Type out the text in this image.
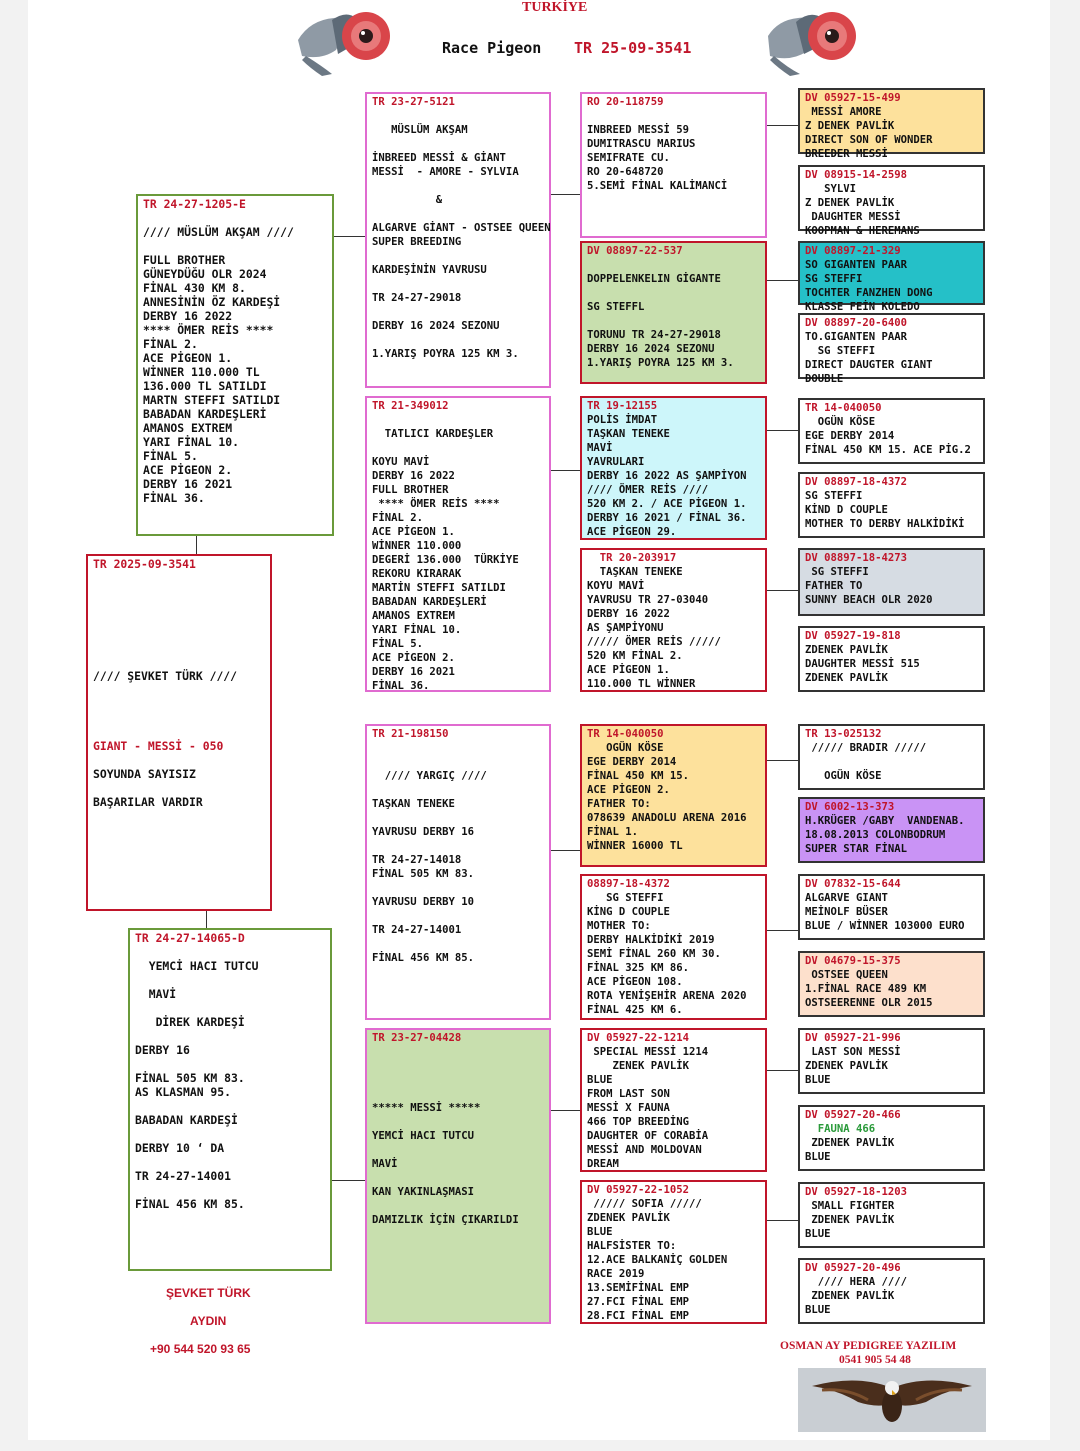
TURKİYE
Race Pigeon TR 25-09-3541
TR 24-27-1205-E

//// MÜSLÜM AKŞAM ////

FULL BROTHER
GÜNEYDÜĞU OLR 2024
FİNAL 430 KM 8.
ANNESİNİN ÖZ KARDEŞİ
DERBY 16 2022
**** ÖMER REİS ****
FİNAL 2.
ACE PİGEON 1.
WİNNER 110.000 TL
136.000 TL SATILDI
MARTN STEFFI SATILDI
BABADAN KARDEŞLERİ
AMANOS EXTREM
YARI FİNAL 10.
FİNAL 5.
ACE PİGEON 2.
DERBY 16 2021
FİNAL 36.
TR 2025-09-3541

//// ŞEVKET TÜRK ////

GIANT - MESSİ - 050

SOYUNDA SAYISIZ

BAŞARILAR VARDIR
TR 24-27-14065-D

YEMCİ HACI TUTCU

MAVİ

DİREK KARDEŞİ

DERBY 16

FİNAL 505 KM 83.
AS KLASMAN 95.

BABADAN KARDEŞİ

DERBY 10 ‘ DA

TR 24-27-14001

FİNAL 456 KM 85.
TR 23-27-5121

MÜSLÜM AKŞAM

İNBREED MESSİ & GİANT
MESSİ  - AMORE - SYLVIA

&

ALGARVE GİANT - OSTSEE QUEEN
SUPER BREEDING

KARDEŞİNİN YAVRUSU

TR 24-27-29018

DERBY 16 2024 SEZONU

1.YARIŞ POYRA 125 KM 3.
TR 21-349012

TATLICI KARDEŞLER

KOYU MAVİ
DERBY 16 2022
FULL BROTHER
**** ÖMER REİS ****
FİNAL 2.
ACE PİGEON 1.
WİNNER 110.000
DEGERİ 136.000  TÜRKİYE
REKORU KIRARAK
MARTİN STEFFI SATILDI
BABADAN KARDEŞLERİ
AMANOS EXTREM
YARI FİNAL 10.
FİNAL 5.
ACE PİGEON 2.
DERBY 16 2021
FİNAL 36.
TR 21-198150

//// YARGIÇ ////

TAŞKAN TENEKE

YAVRUSU DERBY 16

TR 24-27-14018
FİNAL 505 KM 83.

YAVRUSU DERBY 10

TR 24-27-14001

FİNAL 456 KM 85.
TR 23-27-04428

***** MESSİ *****

YEMCİ HACI TUTCU

MAVİ

KAN YAKINLAŞMASI

DAMIZLIK İÇİN ÇIKARILDI
RO 20-118759

INBREED MESSİ 59
DUMITRASCU MARIUS
SEMIFRATE CU.
RO 20-648720
5.SEMİ FİNAL KALİMANCİ
DV 08897-22-537

DOPPELENKELIN GİGANTE

SG STEFFL

TORUNU TR 24-27-29018
DERBY 16 2024 SEZONU
1.YARIŞ POYRA 125 KM 3.
TR 19-12155
POLİS İMDAT
TAŞKAN TENEKE
MAVİ
YAVRULARI
DERBY 16 2022 AS ŞAMPİYON
//// ÖMER REİS ////
520 KM 2. / ACE PİGEON 1.
DERBY 16 2021 / FİNAL 36.
ACE PİGEON 29.
TR 20-203917
TAŞKAN TENEKE
KOYU MAVİ
YAVRUSU TR 27-03040
DERBY 16 2022
AS ŞAMPİYONU
///// ÖMER REİS /////
520 KM FİNAL 2.
ACE PİGEON 1.
110.000 TL WİNNER
TR 14-040050
OGÜN KÖSE
EGE DERBY 2014
FİNAL 450 KM 15.
ACE PİGEON 2.
FATHER TO:
078639 ANADOLU ARENA 2016
FİNAL 1.
WİNNER 16000 TL
08897-18-4372
SG STEFFI
KİNG D COUPLE
MOTHER TO:
DERBY HALKİDİKİ 2019
SEMİ FİNAL 260 KM 30.
FİNAL 325 KM 86.
ACE PİGEON 108.
ROTA YENİŞEHİR ARENA 2020
FİNAL 425 KM 6.
DV 05927-22-1214
SPECIAL MESSİ 1214
ZENEK PAVLİK
BLUE
FROM LAST SON
MESSİ X FAUNA
466 TOP BREEDİNG
DAUGHTER OF CORABİA
MESSİ AND MOLDOVAN
DREAM
DV 05927-22-1052
///// SOFIA /////
ZDENEK PAVLİK
BLUE
HALFSİSTER TO:
12.ACE BALKANİÇ GOLDEN
RACE 2019
13.SEMİFİNAL EMP
27.FCI FİNAL EMP
28.FCI FİNAL EMP
DV 05927-15-499
MESSİ AMORE
Z DENEK PAVLİK
DIRECT SON OF WONDER
BREEDER MESSİ
DV 08915-14-2598
SYLVI
Z DENEK PAVLİK
DAUGHTER MESSİ
KOOPMAN & HEREMANS
DV 08897-21-329
SO GIGANTEN PAAR
SG STEFFI
TOCHTER FANZHEN DONG
KLASSE FEİN KOLEDO
DV 08897-20-6400
TO.GIGANTEN PAAR
SG STEFFI
DIRECT DAUGTER GIANT
DOUBLE
TR 14-040050
OGÜN KÖSE
EGE DERBY 2014
FİNAL 450 KM 15. ACE PİG.2
DV 08897-18-4372
SG STEFFI
KİND D COUPLE
MOTHER TO DERBY HALKİDİKİ
DV 08897-18-4273
SG STEFFI
FATHER TO
SUNNY BEACH OLR 2020
DV 05927-19-818
ZDENEK PAVLİK
DAUGHTER MESSİ 515
ZDENEK PAVLİK
TR 13-025132
///// BRADIR /////

OGÜN KÖSE
DV 6002-13-373
H.KRÜGER /GABY  VANDENAB.
18.08.2013 COLONBODRUM
SUPER STAR FİNAL
DV 07832-15-644
ALGARVE GIANT
MEİNOLF BÜSER
BLUE / WİNNER 103000 EURO
DV 04679-15-375
OSTSEE QUEEN
1.FİNAL RACE 489 KM
OSTSEERENNE OLR 2015
DV 05927-21-996
LAST SON MESSİ
ZDENEK PAVLİK
BLUE
DV 05927-20-466
FAUNA 466
ZDENEK PAVLİK
BLUE
DV 05927-18-1203
SMALL FIGHTER
ZDENEK PAVLİK
BLUE
DV 05927-20-496
//// HERA ////
ZDENEK PAVLİK
BLUE
ŞEVKET TÜRK
AYDIN
+90 544 520 93 65	OSMAN AY PEDIGREE YAZILIM
0541 905 54 48
